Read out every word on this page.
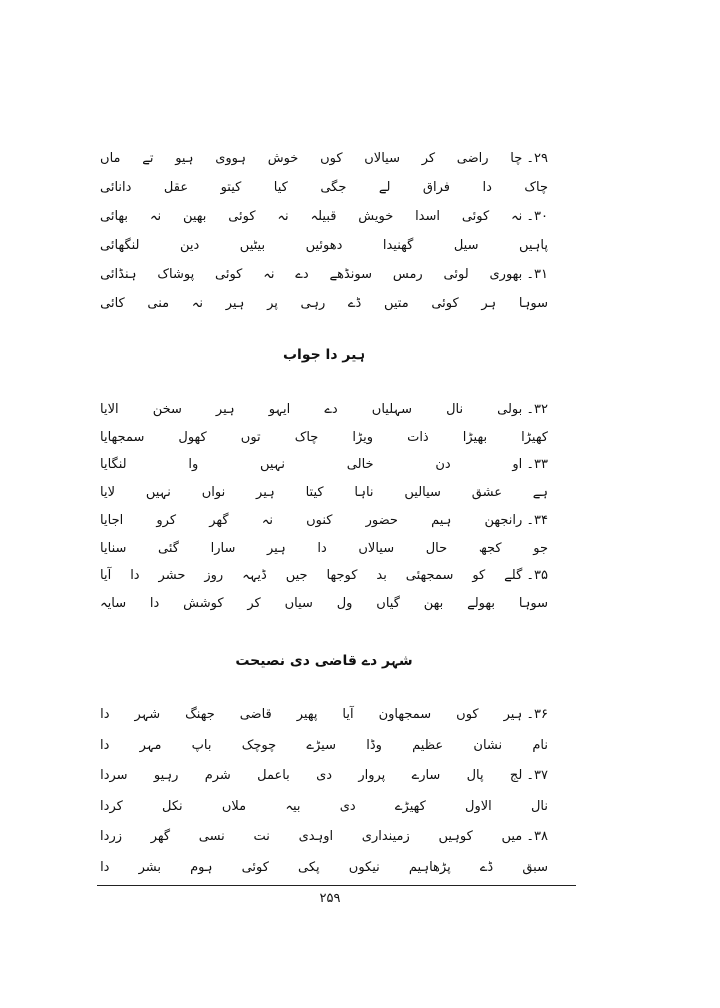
۲۹۔ چا
راضی
کر
سیالاں
کوں
خوش
ہووی
ہیو
تے
ماں
چاک
دا
فراق
لے
جگی
کیا
کیتو
عقل
دانائی
۳۰۔ نہ
کوئی
اسدا
خویش
قبیلہ
نہ
کوئی
بھین
نہ
بھائی
پاہیں
سیل
گھنیدا
دھوئیں
بیٹیں
دین
لنگھائی
۳۱۔ بھوری
لوئی
رمس
سونڈھے
دے
نہ
کوئی
پوشاک
ہنڈائی
سوہا
ہر
کوئی
متیں
ڈے
رہی
پر
ہیر
نہ
منی
کائی
ہیر دا جواب
۳۲۔ بولی
نال
سہلیاں
دے
ایہو
ہیر
سخن
الایا
کھیڑا
بھیڑا
ذات
ویڑا
چاک
توں
کھول
سمجھایا
۳۳۔ او
دن
خالی
نہیں
وا
لنگایا
ہے
عشق
سیالیں
ناہا
کیتا
ہیر
نواں
نہیں
لایا
۳۴۔ رانجھن
ہیم
حضور
کنوں
نہ
گھر
کرو
اجایا
جو
کجھ
حال
سیالاں
دا
ہیر
سارا
گئی
سنایا
۳۵۔ گلے
کو
سمجھئی
بد
کوجھا
جیں
ڈیہہ
روز
حشر
دا
آیا
سوہا
بھولے
بھن
گیاں
ول
سیاں
کر
کوشش
دا
سایہ
شہر دے قاضی دی نصیحت
۳۶۔ ہیر
کوں
سمجھاون
آیا
پھیر
قاضی
جھنگ
شہر
دا
نام
نشان
عظیم
وڈا
سیڑے
چوچک
باپ
مہر
دا
۳۷۔ لج
پال
سارے
پروار
دی
باعمل
شرم
رہیو
سردا
نال
الاول
کھیڑے
دی
بیہ
ملاں
نکل
کردا
۳۸۔ میں
کوہیں
زمینداری
اوہدی
نت
نسی
گھر
زردا
سبق
ڈے
پڑھاہیم
نیکوں
پکی
کوئی
ہوم
بشر
دا
۲۵۹
